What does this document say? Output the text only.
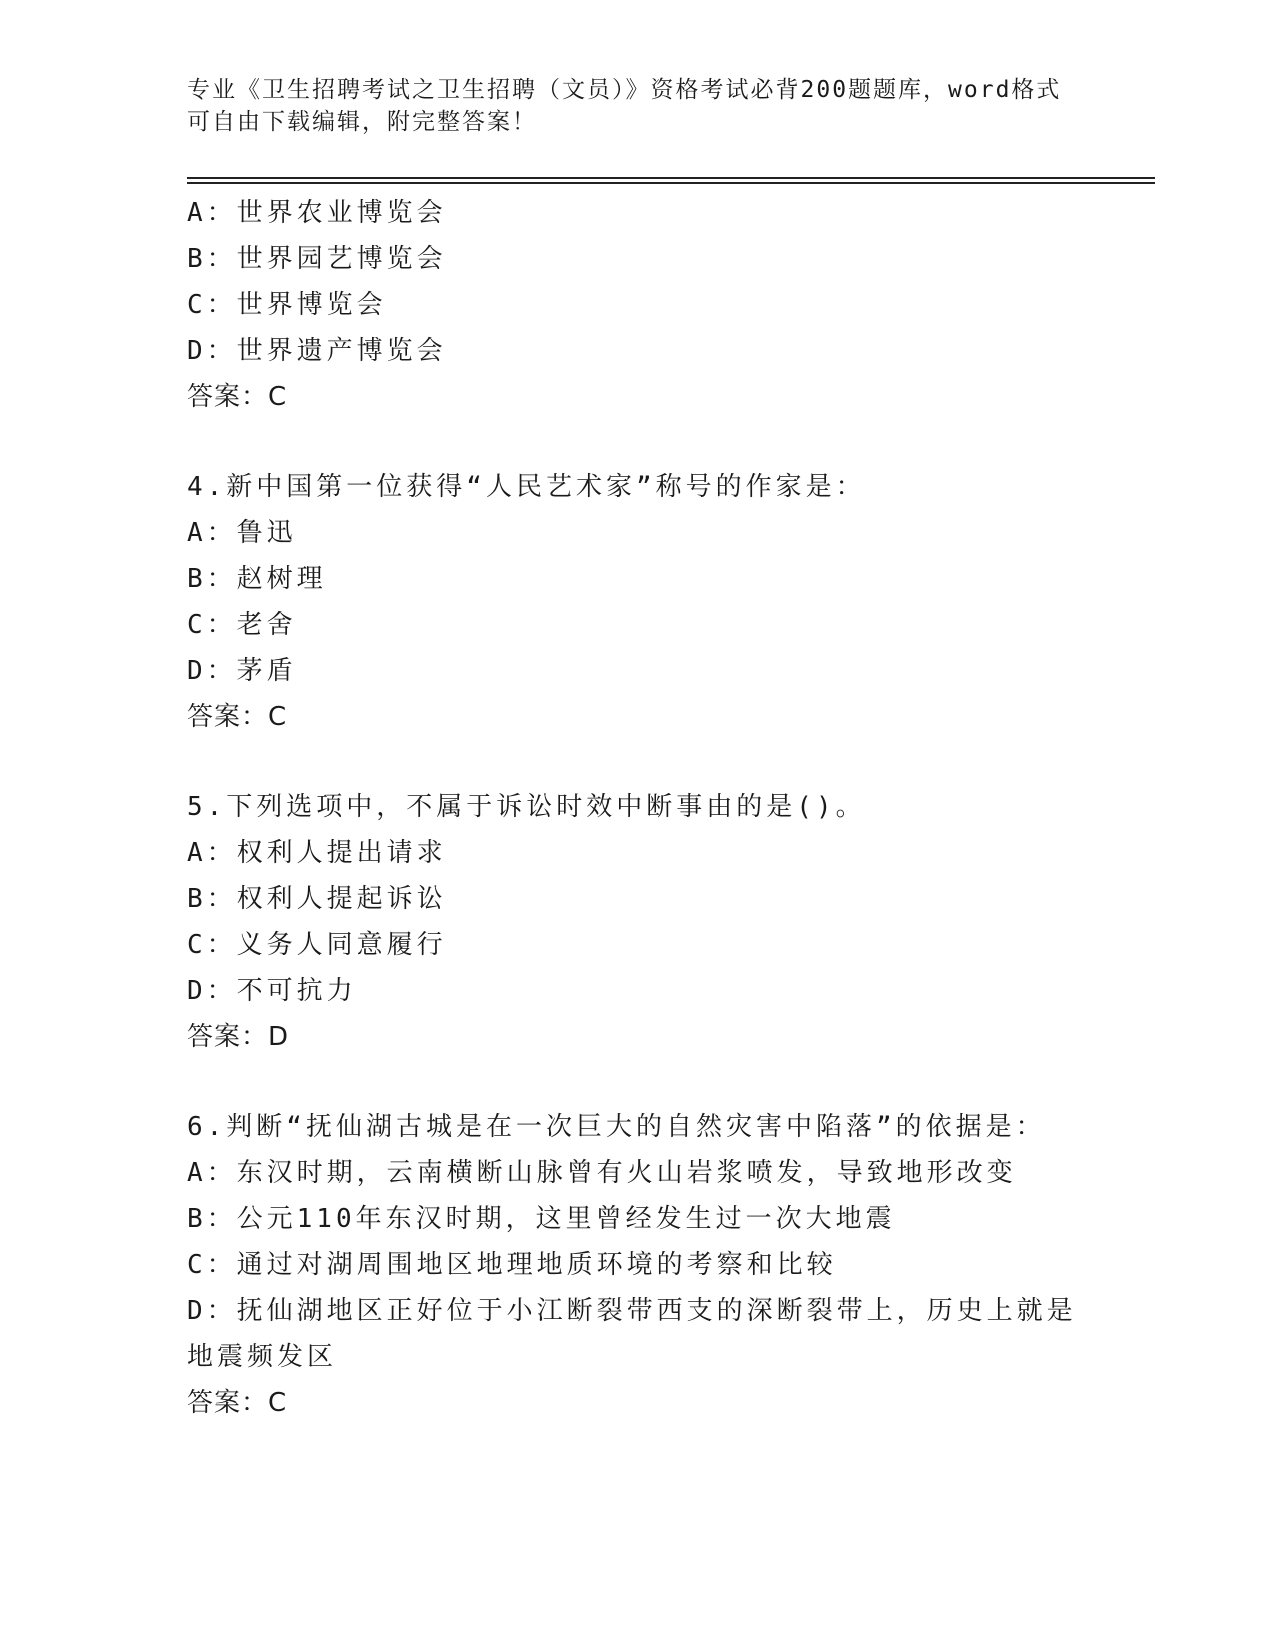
专业《卫生招聘考试之卫生招聘（文员）》资格考试必背200题题库，word格式可自由下载编辑，附完整答案！
A：世界农业博览会
B：世界园艺博览会
C：世界博览会
D：世界遗产博览会
答案：C
4.新中国第一位获得“人民艺术家”称号的作家是：
A：鲁迅
B：赵树理
C：老舍
D：茅盾
答案：C
5.下列选项中，不属于诉讼时效中断事由的是()。
A：权利人提出请求
B：权利人提起诉讼
C：义务人同意履行
D：不可抗力
答案：D
6.判断“抚仙湖古城是在一次巨大的自然灾害中陷落”的依据是：
A：东汉时期，云南横断山脉曾有火山岩浆喷发，导致地形改变
B：公元110年东汉时期，这里曾经发生过一次大地震
C：通过对湖周围地区地理地质环境的考察和比较
D：抚仙湖地区正好位于小江断裂带西支的深断裂带上，历史上就是地震频发区
答案：C
